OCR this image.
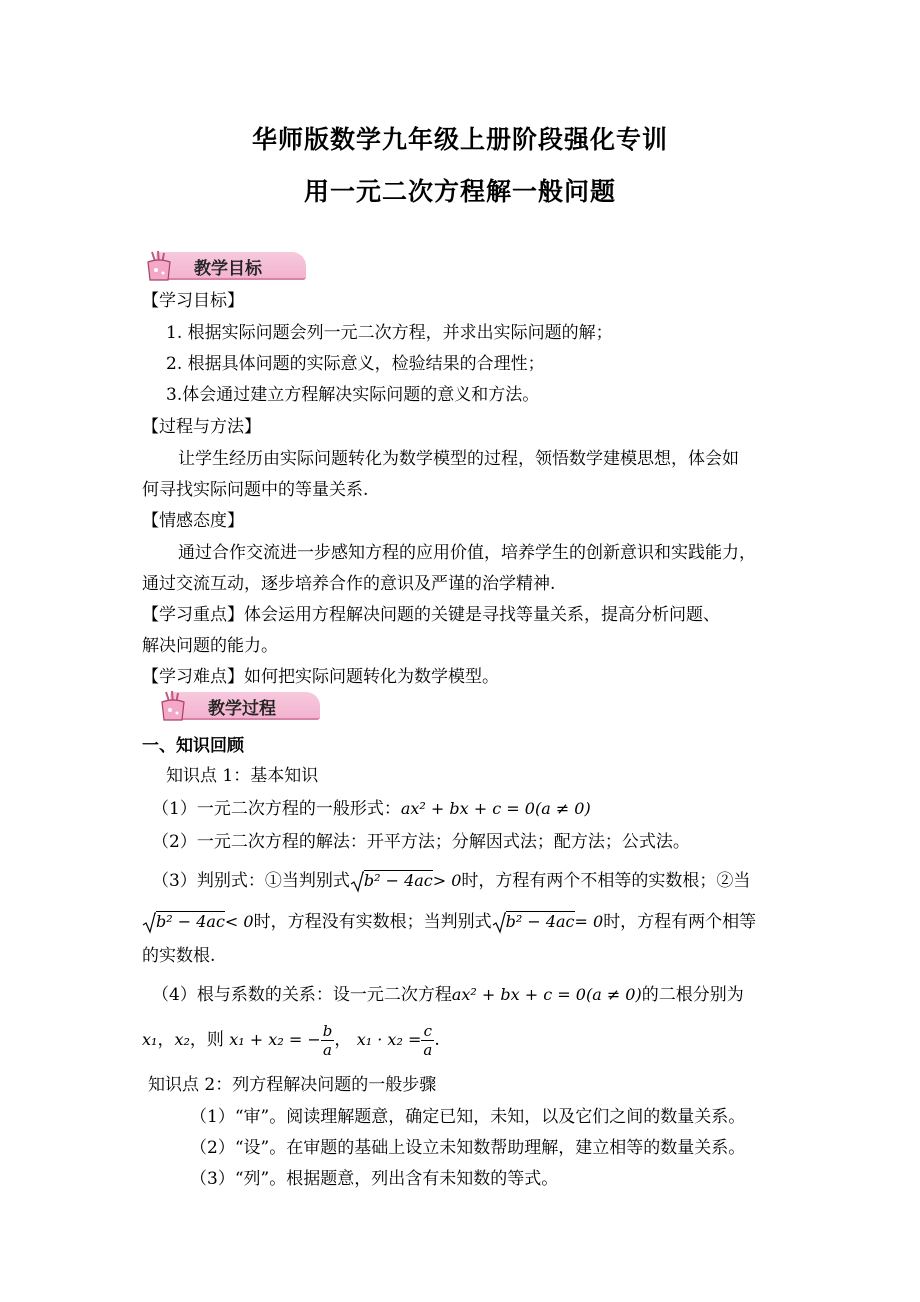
华师版数学九年级上册阶段强化专训
用一元二次方程解一般问题
教学目标
【学习目标】
1. 根据实际问题会列一元二次方程，并求出实际问题的解；
2. 根据具体问题的实际意义，检验结果的合理性；
3.体会通过建立方程解决实际问题的意义和方法。
【过程与方法】
让学生经历由实际问题转化为数学模型的过程，领悟数学建模思想，体会如
何寻找实际问题中的等量关系.
【情感态度】
通过合作交流进一步感知方程的应用价值，培养学生的创新意识和实践能力，
通过交流互动，逐步培养合作的意识及严谨的治学精神.
【学习重点】体会运用方程解决问题的关键是寻找等量关系，提高分析问题、
解决问题的能力。
【学习难点】如何把实际问题转化为数学模型。
教学过程
一、知识回顾
知识点 1：基本知识
（1）一元二次方程的一般形式：ax² + bx + c = 0(a ≠ 0)
（2）一元二次方程的解法：开平方法；分解因式法；配方法；公式法。
（3）判别式：①当判别式 b² − 4ac> 0时，方程有两个不相等的实数根；②当
b² − 4ac< 0时，方程没有实数根；当判别式 b² − 4ac= 0时，方程有两个相等
的实数根.
（4）根与系数的关系：设一元二次方程ax² + bx + c = 0(a ≠ 0)的二根分别为
x₁，x₂，则 x₁ + x₂ = − $\frac{b}{a}$ ， $x_1 \cdot x_2 = \frac{c}{a}$ .
知识点 2：列方程解决问题的一般步骤
（1）“审”。阅读理解题意，确定已知，未知，以及它们之间的数量关系。
（2）“设”。在审题的基础上设立未知数帮助理解，建立相等的数量关系。
（3）“列”。根据题意，列出含有未知数的等式。
